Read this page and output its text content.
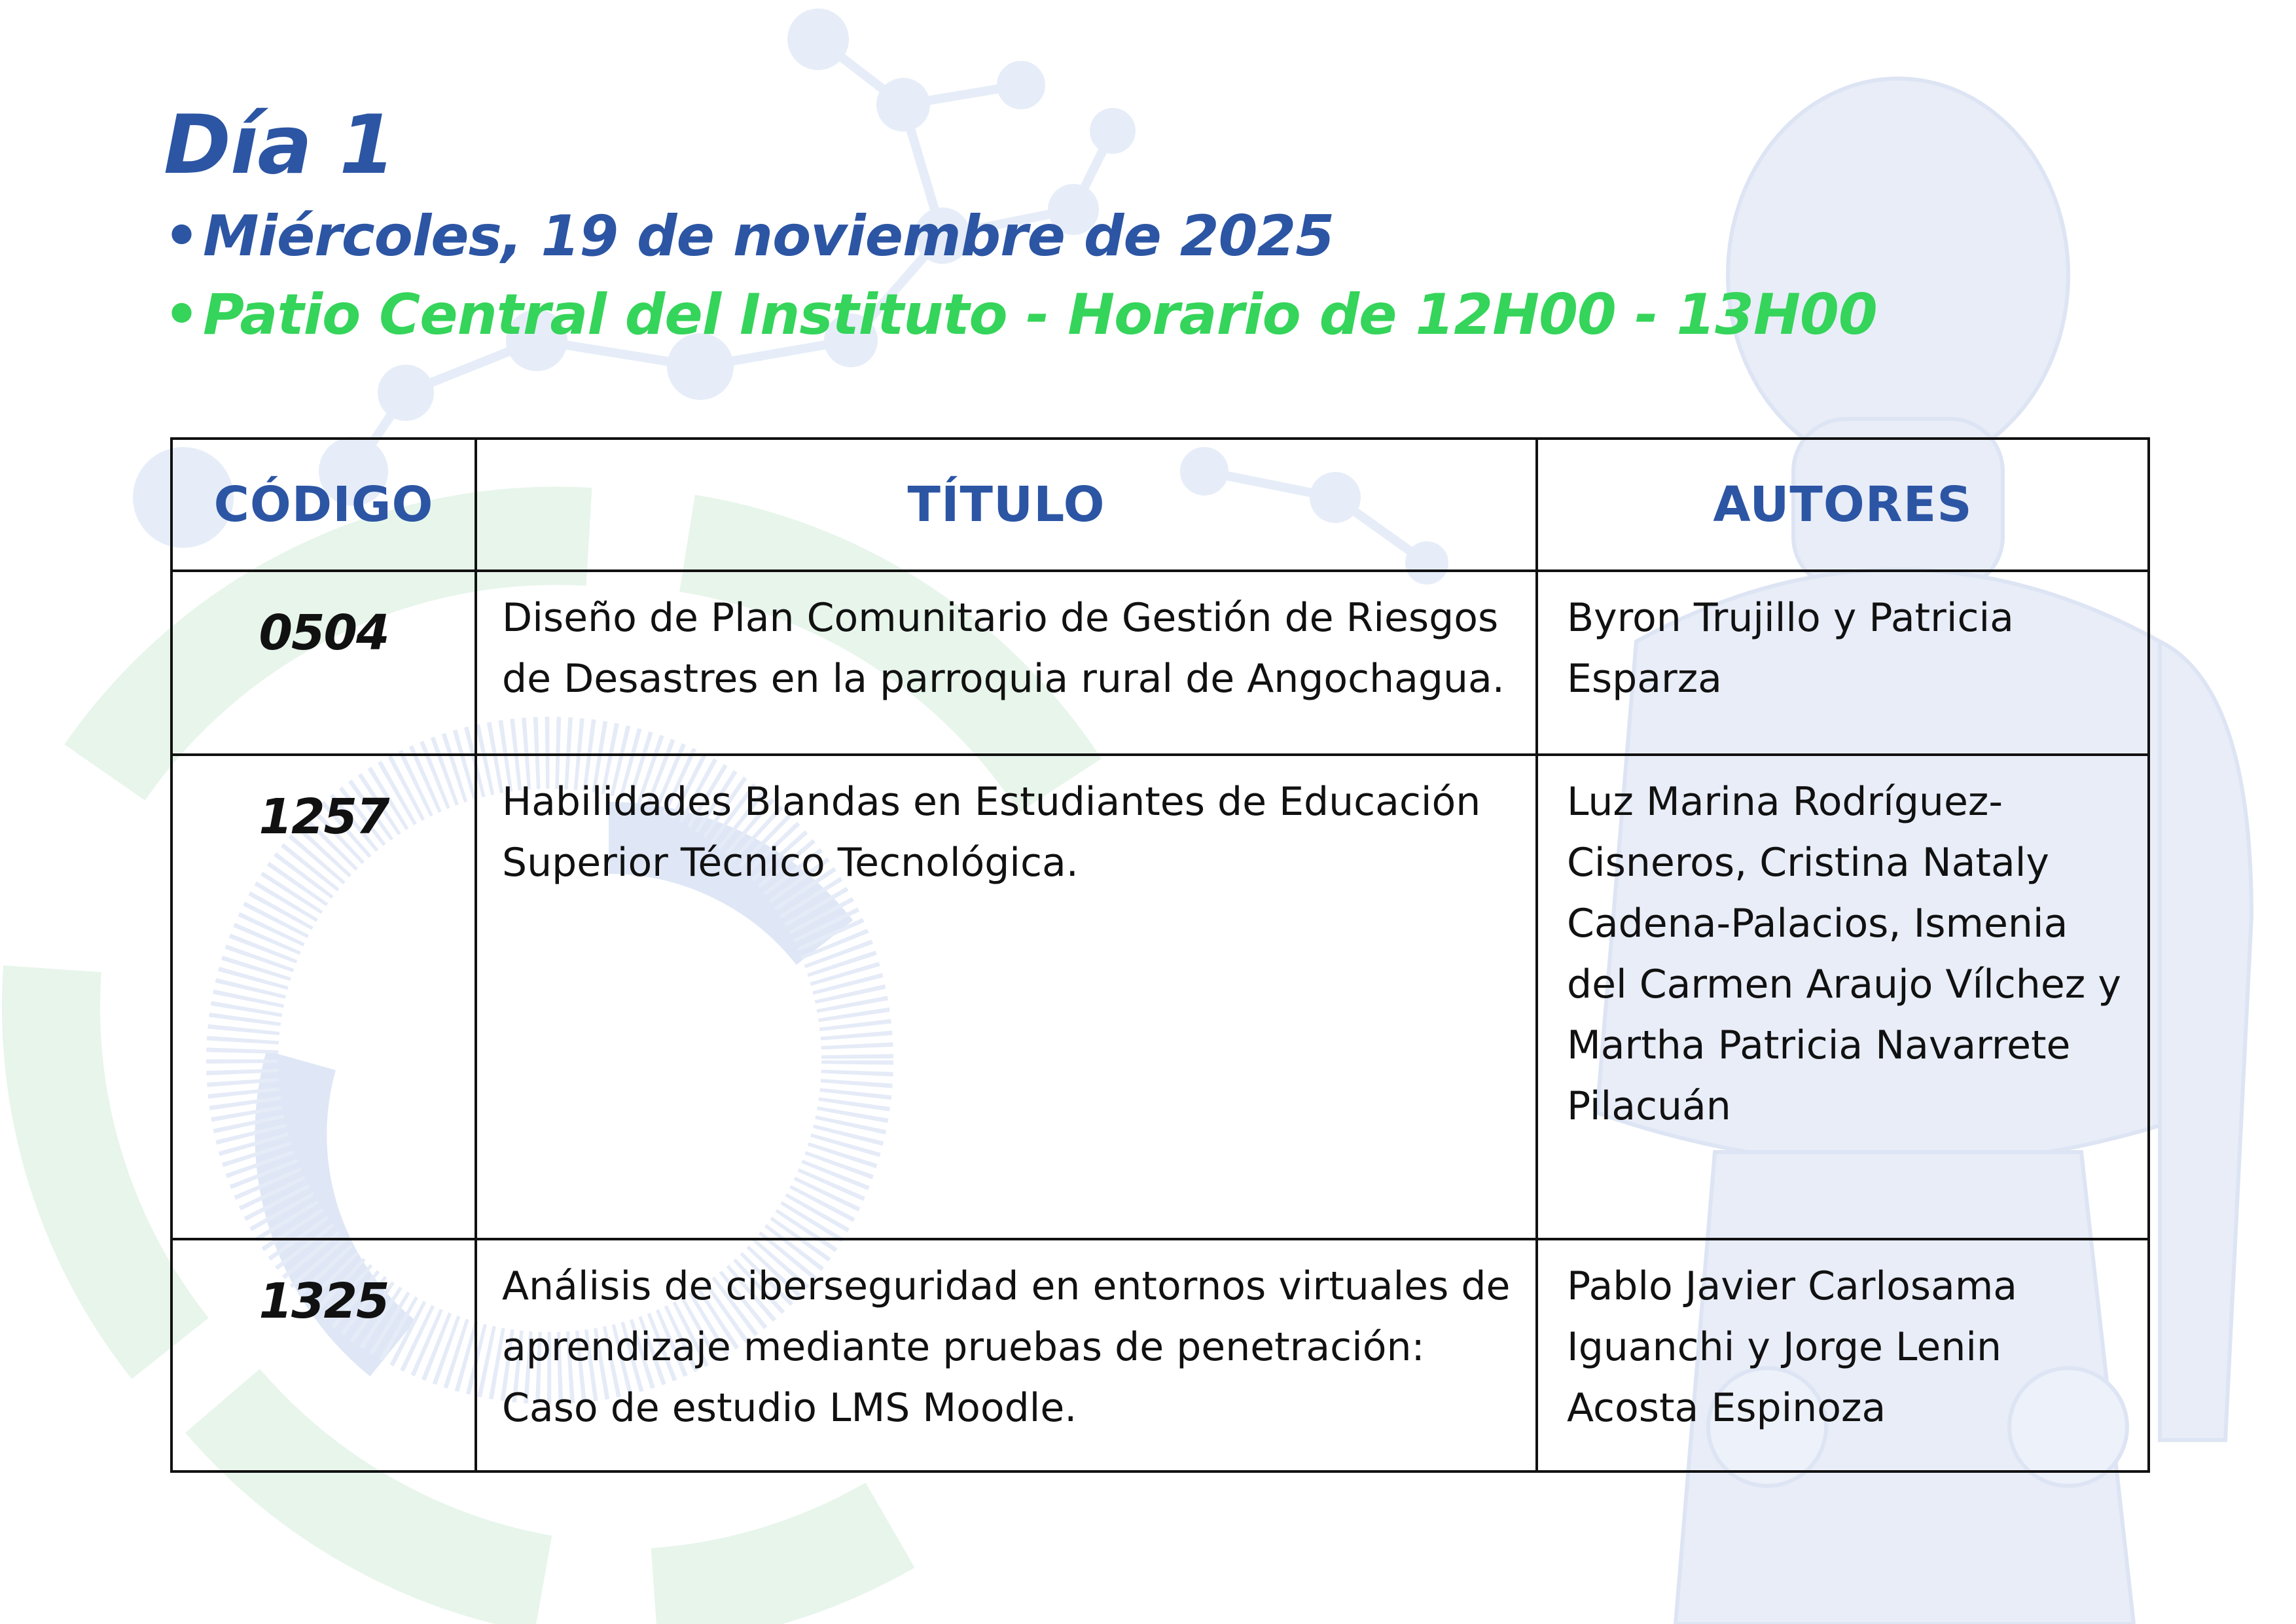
Día 1
•Miércoles, 19 de noviembre de 2025
•Patio Central del Instituto - Horario de 12H00 - 13H00
CÓDIGO	TÍTULO	AUTORES
0504	Diseño de Plan Comunitario de Gestión de Riesgos de Desastres en la parroquia rural de Angochagua.	Byron Trujillo y Patricia Esparza
1257	Habilidades Blandas en Estudiantes de Educación Superior Técnico Tecnológica.	Luz Marina Rodríguez-Cisneros, Cristina Nataly Cadena-Palacios, Ismenia del Carmen Araujo Vílchez y Martha Patricia Navarrete Pilacuán
1325	Análisis de ciberseguridad en entornos virtuales de aprendizaje mediante pruebas de penetración: Caso de estudio LMS Moodle.	Pablo Javier Carlosama Iguanchi y Jorge Lenin Acosta Espinoza
